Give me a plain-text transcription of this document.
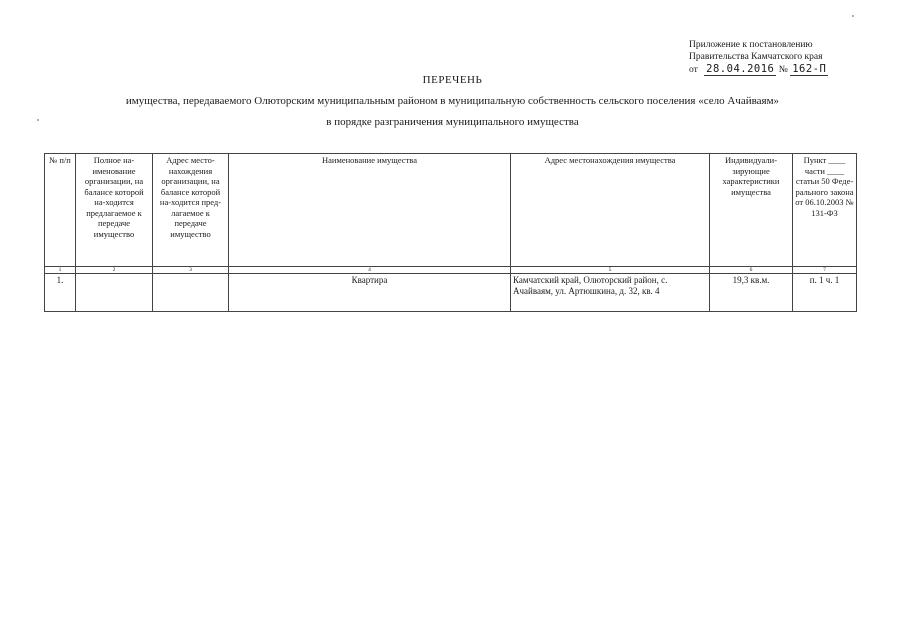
Приложение к постановлению
Правительства Камчатского края
от 28.04.2016 № 162-П
ПЕРЕЧЕНЬ
имущества, передаваемого Олюторским муниципальным районом в муниципальную собственность сельского поселения «село Ачайваям»
в порядке разграничения муниципального имущества
№ п/п	Полное на-именование организации, на балансе которой на-ходится предлагаемое к передаче имущество	Адрес место-нахождения организации, на балансе которой на-ходится пред-лагаемое к передаче имущество	Наименование имущества	Адрес местонахождения имущества	Индивидуали-зирующие характеристики имущества	Пункт ____ части ____ статьи 50 Феде-рального закона от 06.10.2003 № 131-ФЗ
1	2	3	4	5	6	7
1.			Квартира	Камчатский край, Олюторский район, с. Ачайваям, ул. Артюшкина, д. 32, кв. 4	19,3 кв.м.	п. 1 ч. 1
